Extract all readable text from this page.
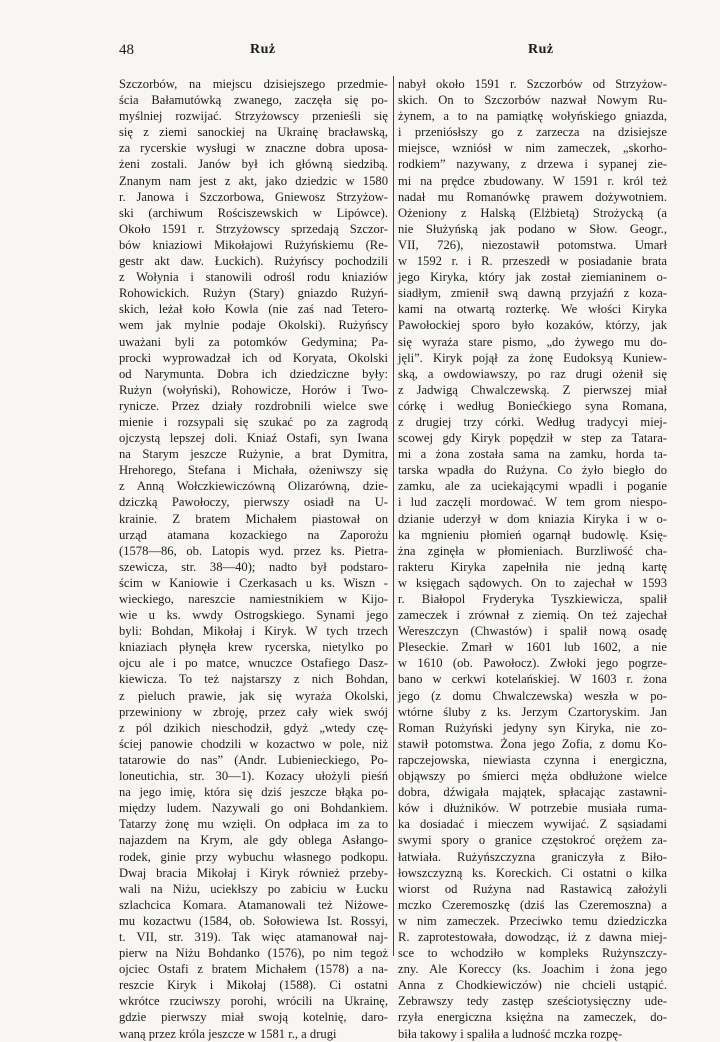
48	Ruż	Ruż
Szczorbów, na miejscu dzisiejszego przedmie-
ścia Bałamutówką zwanego, zaczęła się po-
myślniej rozwijać. Strzyżowscy przenieśli się
się z ziemi sanockiej na Ukrainę bracławską,
za rycerskie wysługi w znaczne dobra uposa-
żeni zostali. Janów był ich główną siedzibą.
Znanym nam jest z akt, jako dziedzic w 1580
r. Janowa i Szczorbowa, Gniewosz Strzyżow-
ski (archiwum Rościszewskich w Lipówce).
Około 1591 r. Strzyżowscy sprzedają Szczor-
bów kniaziowi Mikołajowi Rużyńskiemu (Re-
gestr akt daw. Łuckich). Rużyńscy pochodzili
z Wołynia i stanowili odrośl rodu kniaziów
Rohowickich. Rużyn (Stary) gniazdo Rużyń-
skich, leżał koło Kowla (nie zaś nad Teterо-
wem jak mylnie podaje Okolski). Rużyńscy
uważani byli za potomków Gedymina; Pa-
procki wyprowadzał ich od Koryata, Okolski
od Narymunta. Dobra ich dziedziczne były:
Rużyn (wołyński), Rohowicze, Horów i Two-
rynicze. Przez działy rozdrobnili wielce swe
mienie i rozsypali się szukać po za zagrodą
ojczystą lepszej doli. Kniaź Ostafi, syn Iwana
na Starym jeszcze Rużynie, a brat Dymitra,
Hrehorego, Stefana i Michała, ożeniwszy się
z Anną Wołczkiewiczówną Olizarówną, dzie-
dziczką Pawołoczy, pierwszy osiadł na U-
krainie. Z bratem Michałem piastował on
urząd atamana kozackiego na Zaporożu
(1578—86, ob. Latopis wyd. przez ks. Pietra-
szewicza, str. 38—40); nadto był podstaro-
ścim w Kaniowie i Czerkasach u ks. Wiszn -
wieckiego, nareszcie namiestnikiem w Kijo-
wie u ks. wwdy Ostrogskiego. Synami jego
byli: Bohdan, Mikołaj i Kiryk. W tych trzech
kniaziach płynęła krew rycerska, nietylko po
ojcu ale i po matce, wnuczce Ostafiego Dasz-
kiewicza. To też najstarszy z nich Bohdan,
z pieluch prawie, jak się wyraża Okolski,
przewiniony w zbroję, przez cały wiek swój
z pól dzikich nieschodził, gdyż „wtedy czę-
ściej panowie chodzili w kozactwo w pole, niż
tatarowie do nas” (Andr. Lubienieckiego, Po-
loneutichia, str. 30—1). Kozacy ułożyli pieśń
na jego imię, która się dziś jeszcze błąka po-
między ludem. Nazywali go oni Bohdankiem.
Tatarzy żonę mu wzięli. On odpłaca im za to
najazdem na Krym, ale gdy oblega Asłango-
rodek, ginie przy wybuchu własnego podkopu.
Dwaj bracia Mikołaj i Kiryk również przeby-
wali na Niżu, uciekłszy po zabiciu w Łucku
szlachcica Komara. Atamanowali też Niżowe-
mu kozactwu (1584, ob. Sołowiewa Ist. Rossyi,
t. VII, str. 319). Tak więc atamanował naj-
pierw na Niżu Bohdanko (1576), po nim tegoż
ojciec Ostafi z bratem Michałem (1578) a na-
reszcie Kiryk i Mikołaj (1588). Ci ostatni
wkrótce rzuciwszy porohi, wrócili na Ukrainę,
gdzie pierwszy miał swoją kotelnię, daro-
waną przez króla jeszcze w 1581 r., a drugi
nabył około 1591 r. Szczorbów od Strzyżow-
skich. On to Szczorbów nazwał Nowym Ru-
żynem, a to na pamiątkę wołyńskiego gniazda,
i przeniósłszy go z zarzecza na dzisiejsze
miejsce, wzniósł w nim zameczek, „skorho-
rodkiem” nazywany, z drzewa i sypanej zie-
mi na prędce zbudowany. W 1591 r. król też
nadał mu Romanówkę prawem dożywotniem.
Ożeniony z Halską (Elżbietą) Strożycką (a
nie Służyńską jak podano w Słow. Geogr.,
VII, 726), niezostawił potomstwa. Umarł
w 1592 r. i R. przeszedł w posiadanie brata
jego Kiryka, który jak został ziemianinem o-
siadłym, zmienił swą dawną przyjaźń z koza-
kami na otwartą rozterkę. We włości Kiryka
Pawołockiej sporo było kozaków, którzy, jak
się wyraża stare pismo, „do żywego mu do-
jęli”. Kiryk pojął za żonę Eudoksyą Kuniew-
ską, a owdowiawszy, po raz drugi ożenił się
z Jadwigą Chwalczewską. Z pierwszej miał
córkę i według Boniećkiego syna Romana,
z drugiej trzy córki. Według tradycyi miej-
scowej gdy Kiryk popędził w step za Tatara-
mi a żona została sama na zamku, horda ta-
tarska wpadła do Rużyna. Co żyło biegło do
zamku, ale za uciekającymi wpadli i poganie
i lud zaczęli mordować. W tem grom niespo-
dzianie uderzył w dom kniazia Kiryka i w o-
ka mgnieniu płomień ogarnął budowlę. Księ-
żna zginęła w płomieniach. Burzliwość cha-
rakteru Kiryka zapełniła nie jedną kartę
w księgach sądowych. On to zajechał w 1593
r. Białopol Fryderyka Tyszkiewicza, spalił
zameczek i zrównał z ziemią. On też zajechał
Wereszczyn (Chwastów) i spalił nową osadę
Pleseckie. Zmarł w 1601 lub 1602, a nie
w 1610 (ob. Pawołocz). Zwłoki jego pogrze-
bano w cerkwi kotelańskiej. W 1603 r. żona
jego (z domu Chwalczewska) weszła w po-
wtórne śluby z ks. Jerzym Czartoryskim. Jan
Roman Rużyński jedyny syn Kiryka, nie zo-
stawił potomstwa. Żona jego Zofia, z domu Ko-
rapczejowska, niewiasta czynna i energiczna,
objąwszy po śmierci męża obdłużone wielce
dobra, dźwigała majątek, spłacając zastawni-
ków i dłużników. W potrzebie musiała ruma-
ka dosiadać i mieczem wywijać. Z sąsiadami
swymi spory o granice częstokroć orężem za-
łatwiała. Rużyńszczyzna graniczyła z Biło-
łowszczyzną ks. Koreckich. Ci ostatni o kilka
wiorst od Rużyna nad Rastawicą założyli
mczko Czeremoszkę (dziś las Czeremoszna) a
w nim zameczek. Przeciwko temu dziedziczka
R. zaprotestowała, dowodząc, iż z dawna miej-
sce to wchodziło w kompleks Rużynszczy-
zny. Ale Koreccy (ks. Joachim i żona jego
Anna z Chodkiewiczów) nie chcieli ustąpić.
Zebrawszy tedy zastęp sześciotysięczny ude-
rzyła energiczna księżna na zameczek, do-
biła takowy i spaliła a ludność mczka rozpę-
